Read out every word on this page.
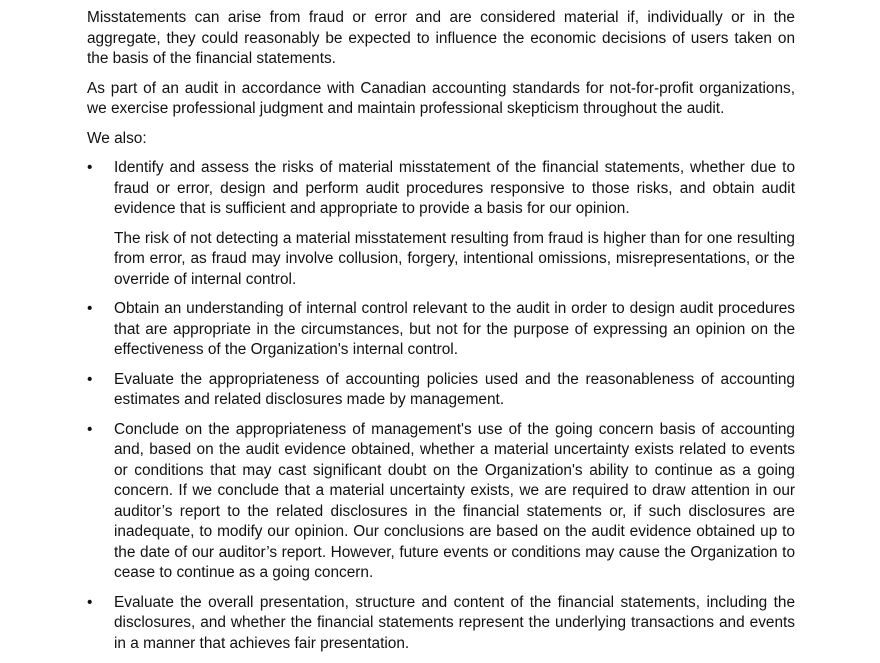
Misstatements can arise from fraud or error and are considered material if, individually or in the aggregate, they could reasonably be expected to influence the economic decisions of users taken on the basis of the financial statements.

As part of an audit in accordance with Canadian accounting standards for not-for-profit organizations, we exercise professional judgment and maintain professional skepticism throughout the audit.

We also:

• Identify and assess the risks of material misstatement of the financial statements, whether due to fraud or error, design and perform audit procedures responsive to those risks, and obtain audit evidence that is sufficient and appropriate to provide a basis for our opinion.

The risk of not detecting a material misstatement resulting from fraud is higher than for one resulting from error, as fraud may involve collusion, forgery, intentional omissions, misrepresentations, or the override of internal control.

• Obtain an understanding of internal control relevant to the audit in order to design audit procedures that are appropriate in the circumstances, but not for the purpose of expressing an opinion on the effectiveness of the Organization's internal control.

• Evaluate the appropriateness of accounting policies used and the reasonableness of accounting estimates and related disclosures made by management.

• Conclude on the appropriateness of management's use of the going concern basis of accounting and, based on the audit evidence obtained, whether a material uncertainty exists related to events or conditions that may cast significant doubt on the Organization's ability to continue as a going concern. If we conclude that a material uncertainty exists, we are required to draw attention in our auditor’s report to the related disclosures in the financial statements or, if such disclosures are inadequate, to modify our opinion. Our conclusions are based on the audit evidence obtained up to the date of our auditor’s report. However, future events or conditions may cause the Organization to cease to continue as a going concern.

• Evaluate the overall presentation, structure and content of the financial statements, including the disclosures, and whether the financial statements represent the underlying transactions and events in a manner that achieves fair presentation.
